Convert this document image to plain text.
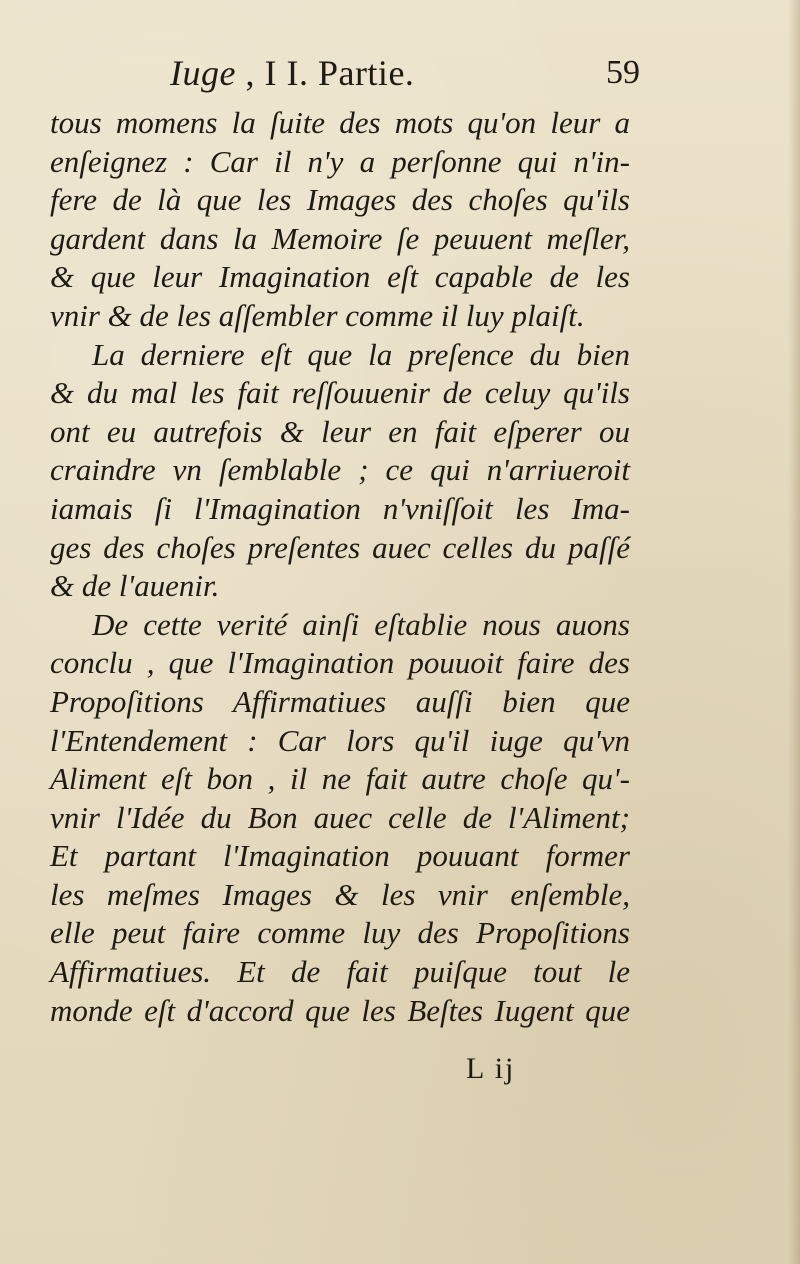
Iuge , I I. Partie.	59
tous momens la ſuite des mots qu'on leur a
enſeignez : Car il n'y a perſonne qui n'in-
fere de là que les Images des choſes qu'ils
gardent dans la Memoire ſe peuuent meſler,
& que leur Imagination eſt capable de les
vnir & de les aſſembler comme il luy plaiſt.
La derniere eſt que la preſence du bien
& du mal les fait reſſouuenir de celuy qu'ils
ont eu autrefois & leur en fait eſperer ou
craindre vn ſemblable ; ce qui n'arriueroit
iamais ſi l'Imagination n'vniſſoit les Ima-
ges des choſes preſentes auec celles du paſſé
& de l'auenir.
De cette verité ainſi eſtablie nous auons
conclu , que l'Imagination pouuoit faire des
Propoſitions Affirmatiues auſſi bien que
l'Entendement : Car lors qu'il iuge qu'vn
Aliment eſt bon , il ne fait autre choſe qu'-
vnir l'Idée du Bon auec celle de l'Aliment;
Et partant l'Imagination pouuant former
les meſmes Images & les vnir enſemble,
elle peut faire comme luy des Propoſitions
Affirmatiues. Et de fait puiſque tout le
monde eſt d'accord que les Beſtes Iugent que
L ij
